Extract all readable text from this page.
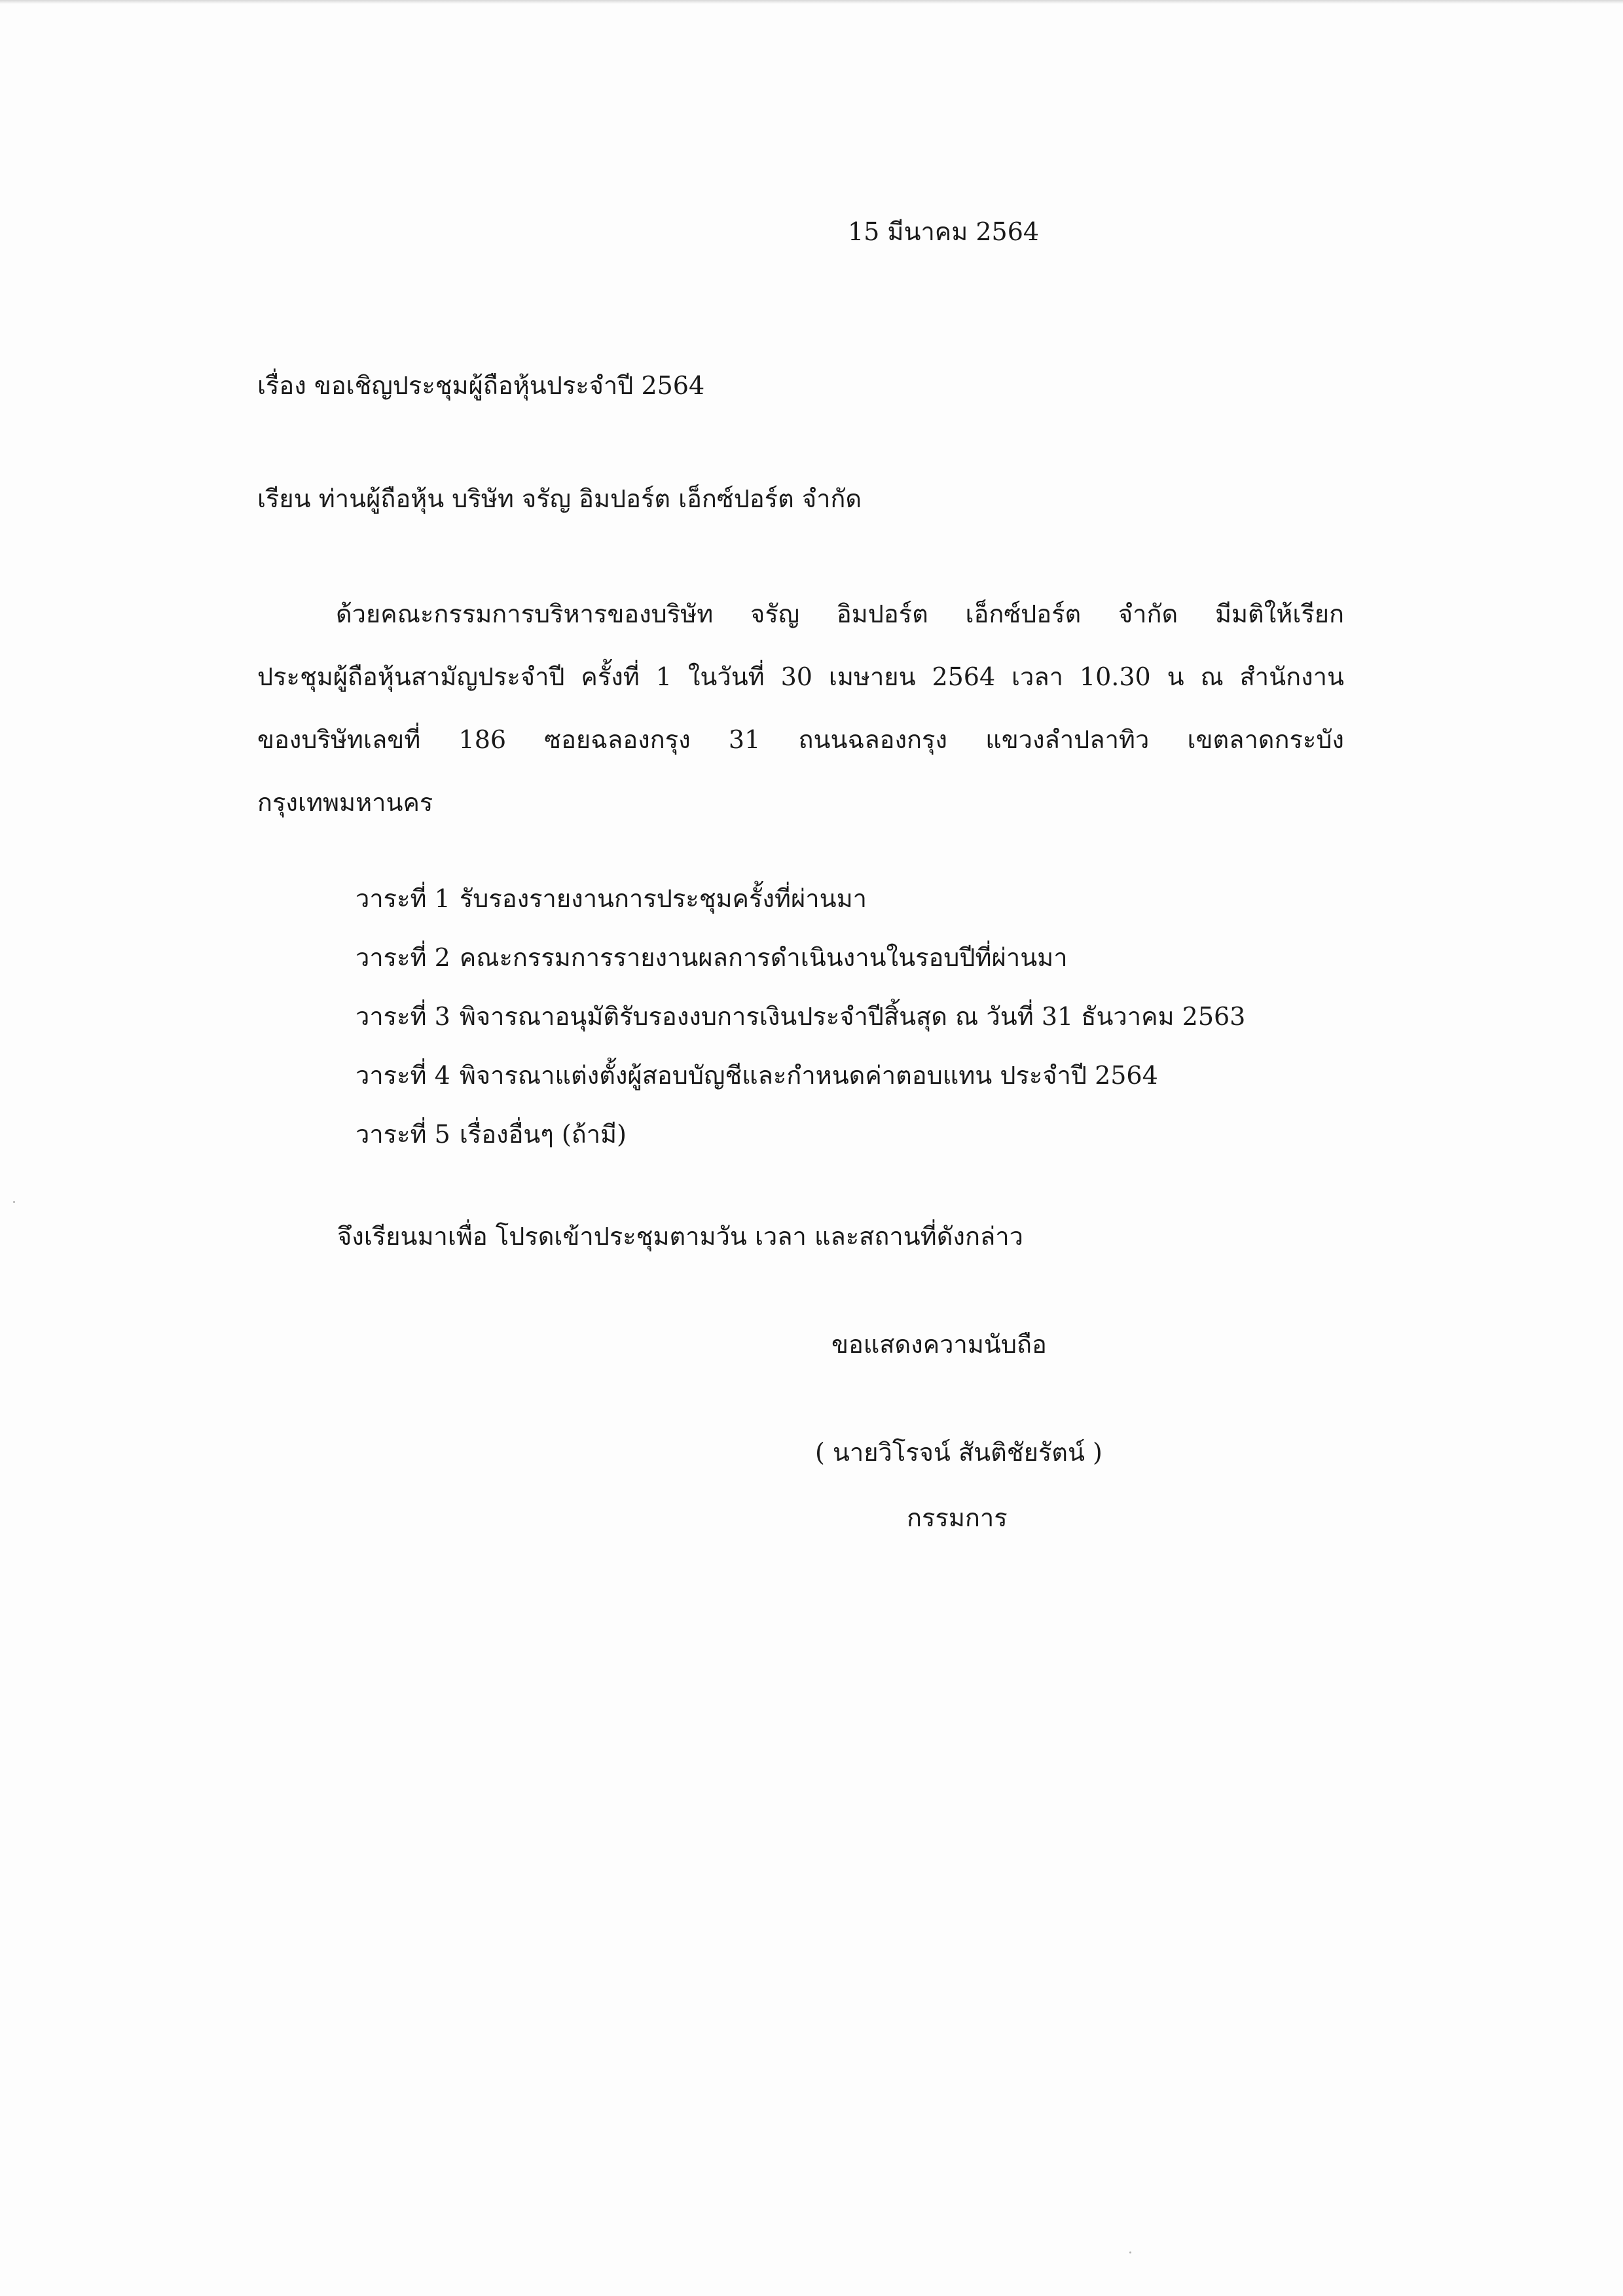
15 มีนาคม 2564
เรื่อง ขอเชิญประชุมผู้ถือหุ้นประจำปี 2564
เรียน ท่านผู้ถือหุ้น บริษัท จรัญ อิมปอร์ต เอ็กซ์ปอร์ต จำกัด
ด้วยคณะกรรมการบริหารของบริษัท จรัญ อิมปอร์ต เอ็กซ์ปอร์ต จำกัด มีมติให้เรียก
ประชุมผู้ถือหุ้นสามัญประจำปี ครั้งที่ 1 ในวันที่ 30 เมษายน 2564 เวลา 10.30 น ณ สำนักงาน
ของบริษัทเลขที่ 186 ซอยฉลองกรุง 31 ถนนฉลองกรุง แขวงลำปลาทิว เขตลาดกระบัง
กรุงเทพมหานคร
วาระที่ 1 รับรองรายงานการประชุมครั้งที่ผ่านมา
วาระที่ 2 คณะกรรมการรายงานผลการดำเนินงานในรอบปีที่ผ่านมา
วาระที่ 3 พิจารณาอนุมัติรับรองงบการเงินประจำปีสิ้นสุด ณ วันที่ 31 ธันวาคม 2563
วาระที่ 4 พิจารณาแต่งตั้งผู้สอบบัญชีและกำหนดค่าตอบแทน ประจำปี 2564
วาระที่ 5 เรื่องอื่นๆ (ถ้ามี)
จึงเรียนมาเพื่อ โปรดเข้าประชุมตามวัน เวลา และสถานที่ดังกล่าว
ขอแสดงความนับถือ
( นายวิโรจน์ สันติชัยรัตน์ )
กรรมการ
